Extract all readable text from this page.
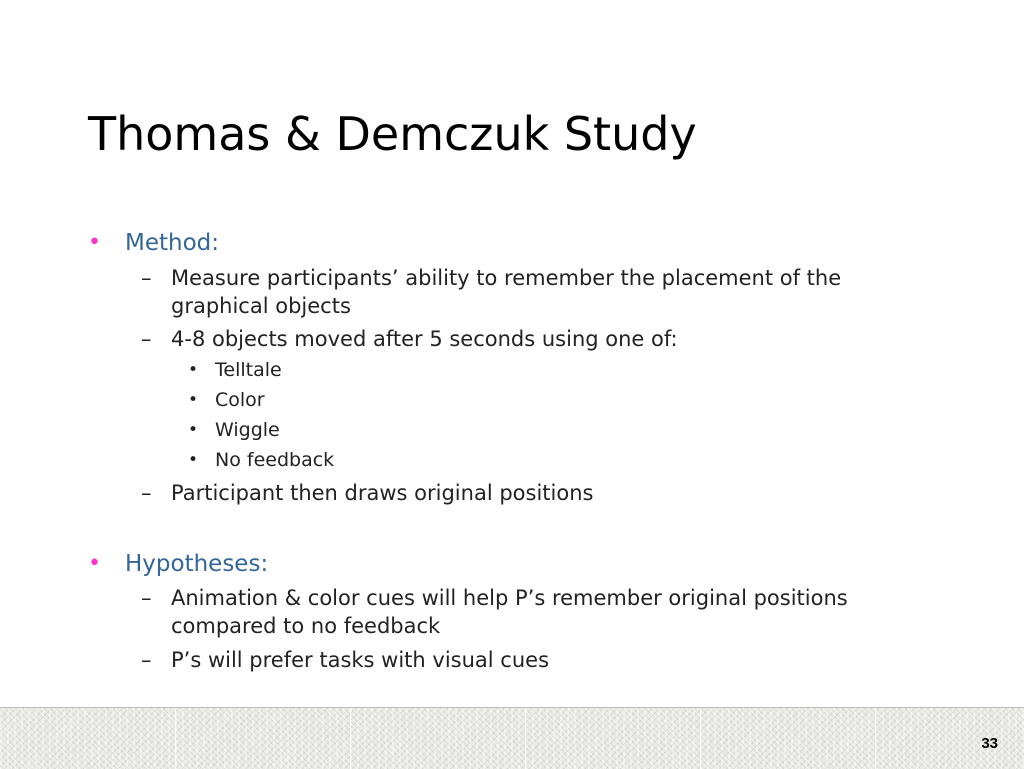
Thomas & Demczuk Study
• Method:
– Measure participants’ ability to remember the placement of the graphical objects
– 4-8 objects moved after 5 seconds using one of:
• Telltale
• Color
• Wiggle
• No feedback
– Participant then draws original positions
• Hypotheses:
– Animation & color cues will help P’s remember original positions compared to no feedback
– P’s will prefer tasks with visual cues
33
